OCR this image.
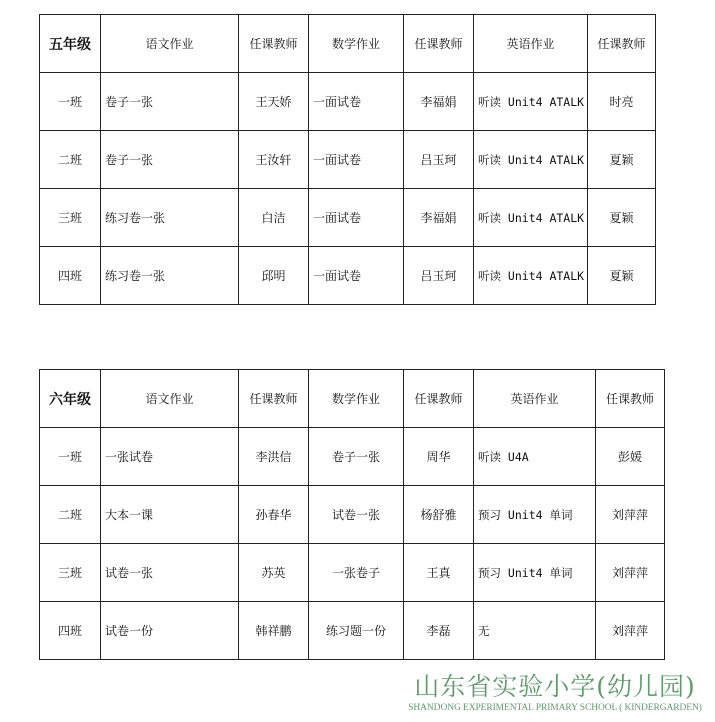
五年级	语文作业	任课教师	数学作业	任课教师	英语作业	任课教师
一班	卷子一张	王天娇	一面试卷	李福娟	听读 Unit4 ATALK	时亮
二班	卷子一张	王汝轩	一面试卷	吕玉珂	听读 Unit4 ATALK	夏颖
三班	练习卷一张	白洁	一面试卷	李福娟	听读 Unit4 ATALK	夏颖
四班	练习卷一张	邱明	一面试卷	吕玉珂	听读 Unit4 ATALK	夏颖
六年级	语文作业	任课教师	数学作业	任课教师	英语作业	任课教师
一班	一张试卷	李洪信	卷子一张	周华	听读 U4A	彭媛
二班	大本一课	孙春华	试卷一张	杨舒雅	预习 Unit4 单词	刘萍萍
三班	试卷一张	苏英	一张卷子	王真	预习 Unit4 单词	刘萍萍
四班	试卷一份	韩祥鹏	练习题一份	李磊	无	刘萍萍
山东省实验小学(幼儿园)
SHANDONG EXPERIMENTAL PRIMARY SCHOOL ( KINDERGARDEN)
